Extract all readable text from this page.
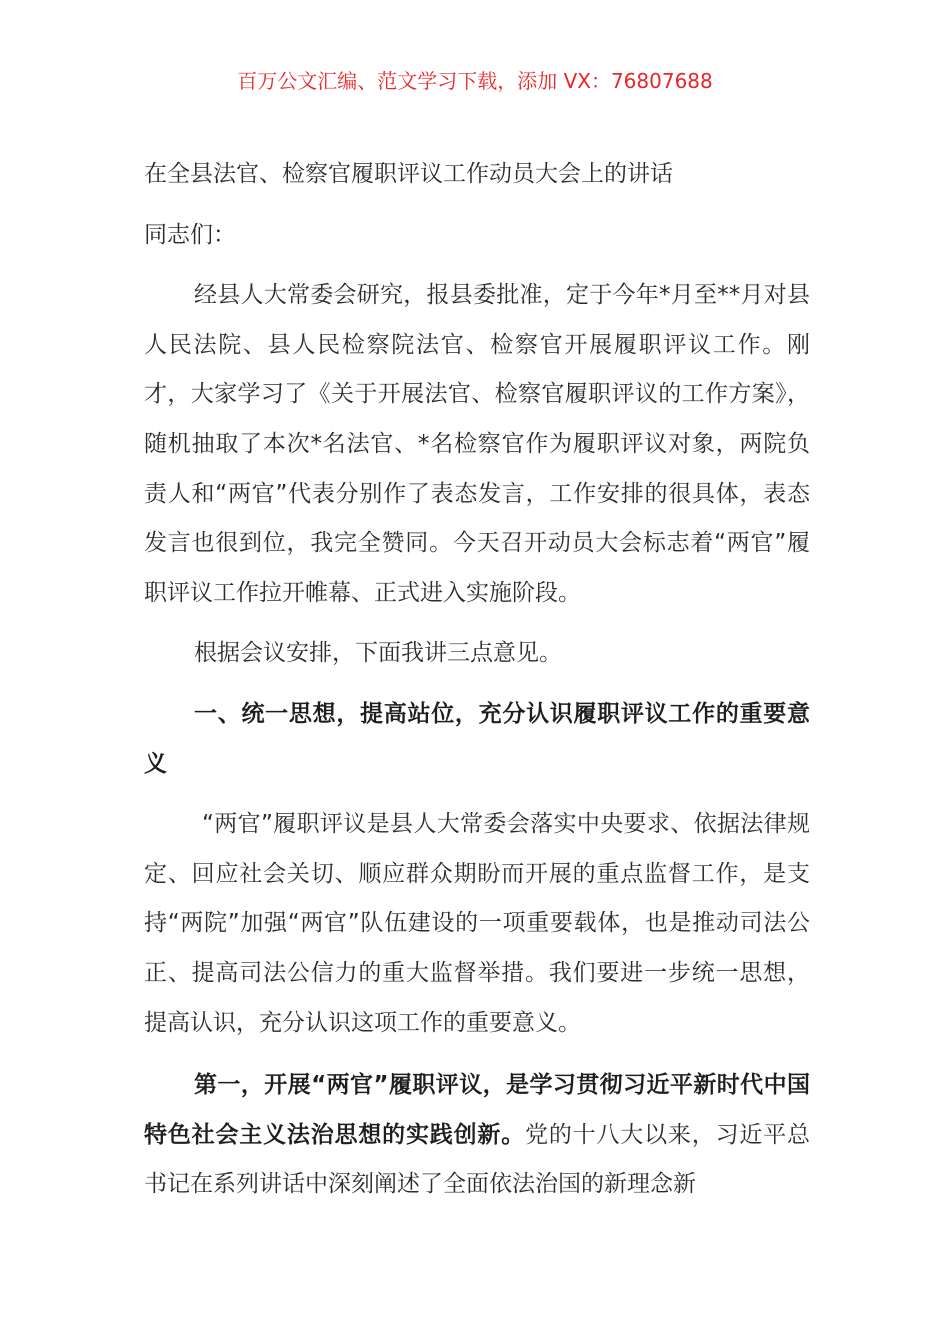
百万公文汇编、范文学习下载，添加 VX：76807688

在全县法官、检察官履职评议工作动员大会上的讲话

同志们：

经县人大常委会研究，报县委批准，定于今年*月至**月对县人民法院、县人民检察院法官、检察官开展履职评议工作。刚才，大家学习了《关于开展法官、检察官履职评议的工作方案》，随机抽取了本次*名法官、*名检察官作为履职评议对象，两院负责人和“两官”代表分别作了表态发言，工作安排的很具体，表态发言也很到位，我完全赞同。今天召开动员大会标志着“两官”履职评议工作拉开帷幕、正式进入实施阶段。

根据会议安排，下面我讲三点意见。

一、统一思想，提高站位，充分认识履职评议工作的重要意义

“两官”履职评议是县人大常委会落实中央要求、依据法律规定、回应社会关切、顺应群众期盼而开展的重点监督工作，是支持“两院”加强“两官”队伍建设的一项重要载体，也是推动司法公正、提高司法公信力的重大监督举措。我们要进一步统一思想，提高认识，充分认识这项工作的重要意义。

第一，开展“两官”履职评议，是学习贯彻习近平新时代中国特色社会主义法治思想的实践创新。党的十八大以来，习近平总书记在系列讲话中深刻阐述了全面依法治国的新理念新
